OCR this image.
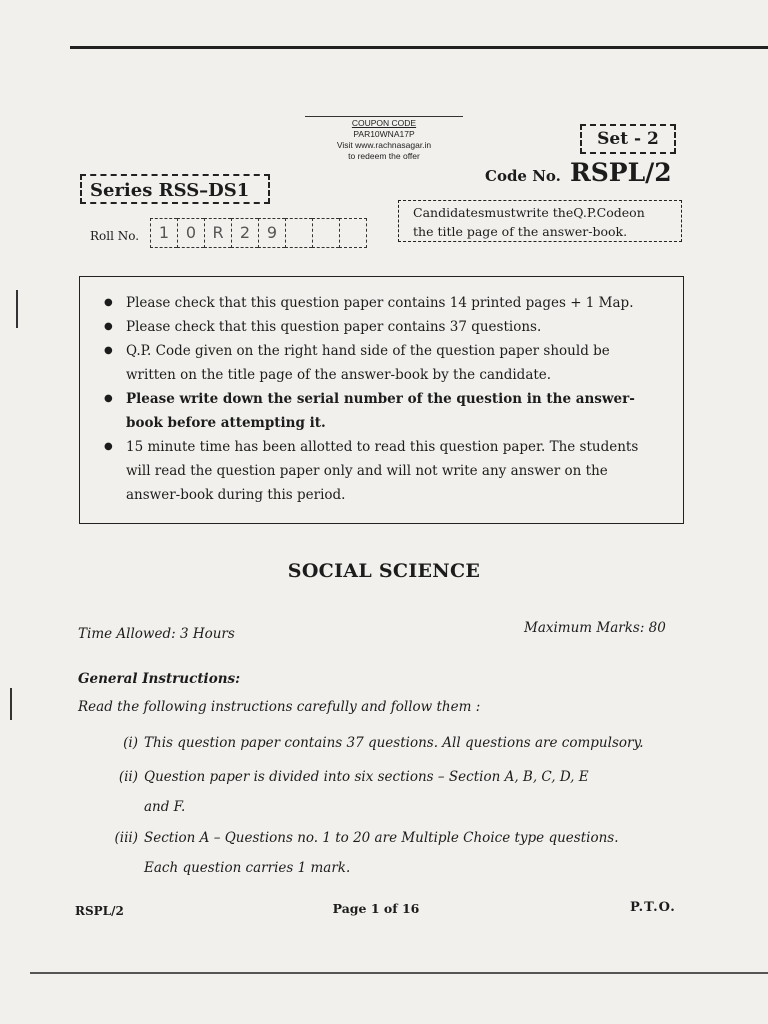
COUPON CODE
PAR10WNA17P
Visit www.rachnasagar.in
to redeem the offer
Set - 2
Series RSS–DS1
Code No. RSPL/2
Candidatesmustwrite theQ.P.Codeon
the title page of the answer-book.
Roll No.	1	0	R	2	9
● Please check that this question paper contains 14 printed pages + 1 Map.
● Please check that this question paper contains 37 questions.
● Q.P. Code given on the right hand side of the question paper should be written on the title page of the answer-book by the candidate.
● Please write down the serial number of the question in the answer-book before attempting it.
● 15 minute time has been allotted to read this question paper. The students will read the question paper only and will not write any answer on the answer-book during this period.
SOCIAL SCIENCE
Time Allowed: 3 Hours	Maximum Marks: 80
General Instructions:
Read the following instructions carefully and follow them :
(i) This question paper contains 37 questions. All questions are compulsory.
(ii) Question paper is divided into six sections – Section A, B, C, D, E
and F.
(iii) Section A – Questions no. 1 to 20 are Multiple Choice type questions.
Each question carries 1 mark.
RSPL/2	Page 1 of 16	P.T.O.
